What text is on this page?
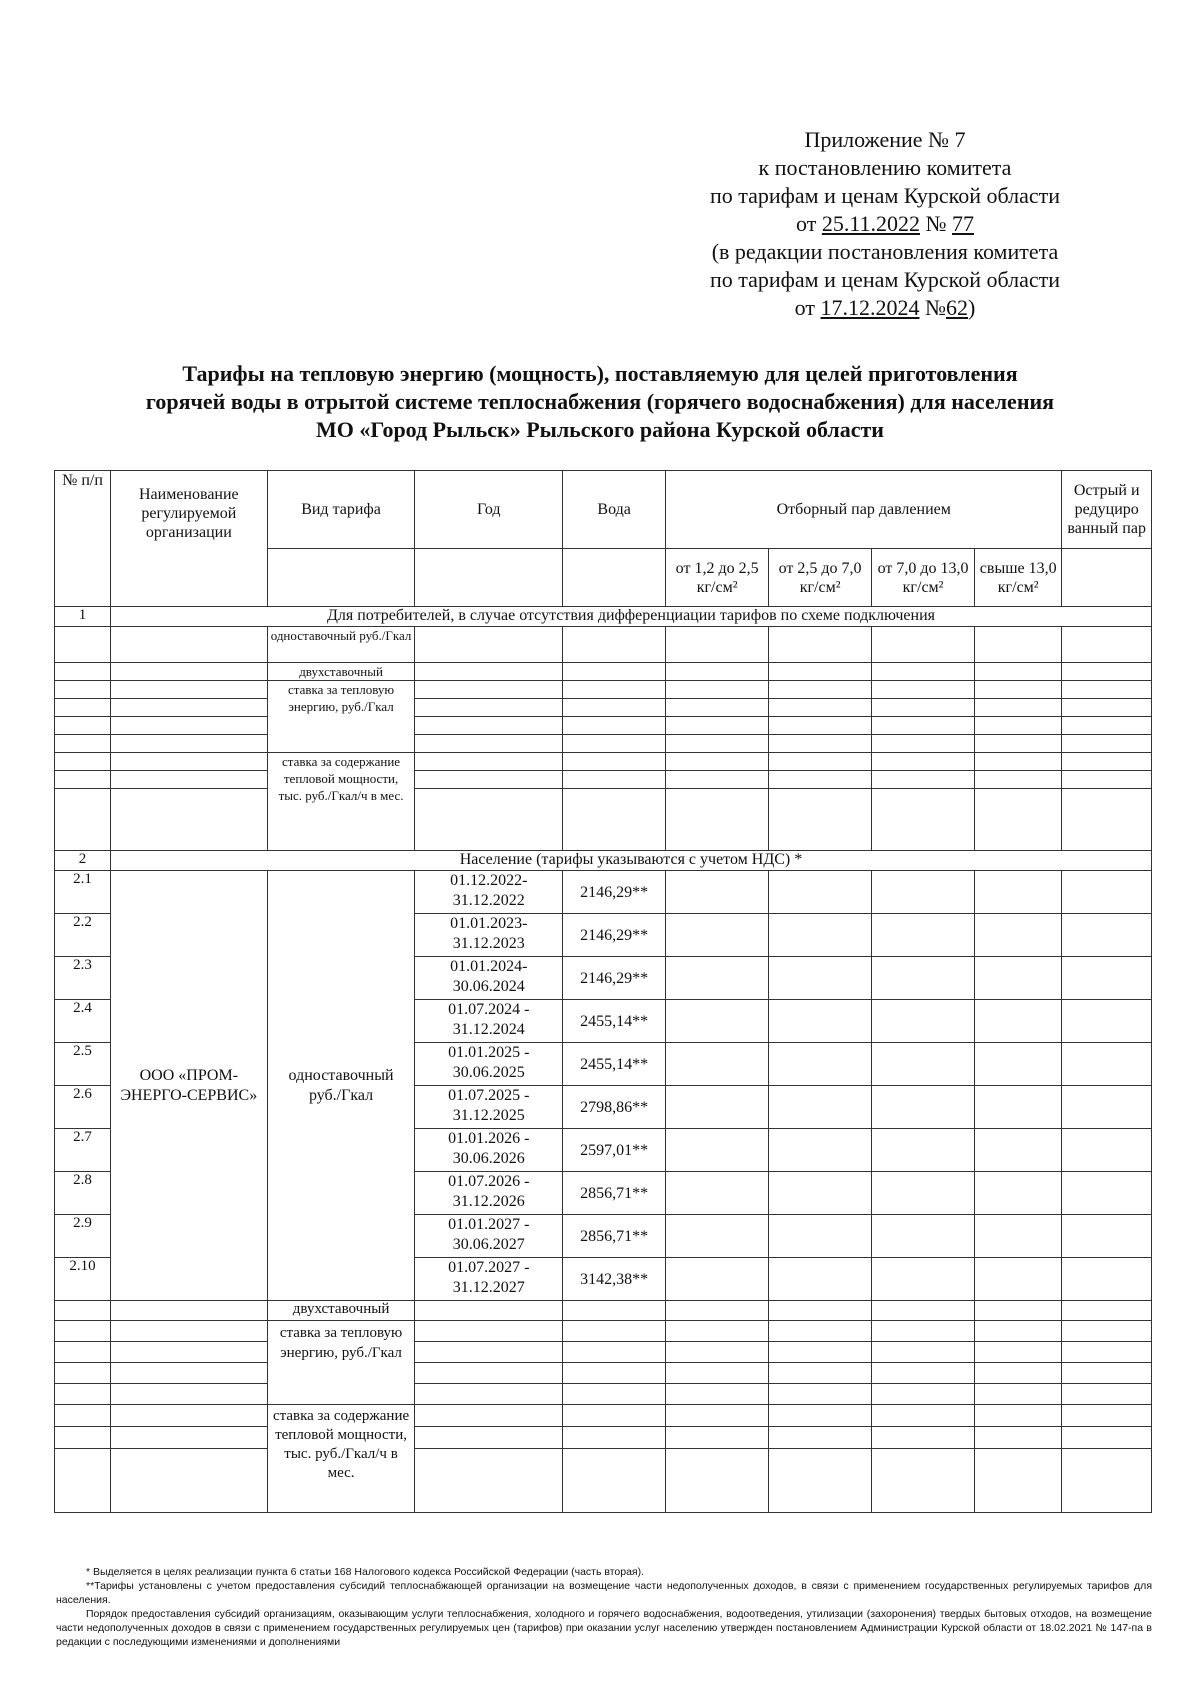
Приложение № 7
к постановлению комитета
по тарифам и ценам Курской области
от 25.11.2022 № 77
(в редакции постановления комитета
по тарифам и ценам Курской области
от 17.12.2024 №62)
Тарифы на тепловую энергию (мощность), поставляемую для целей приготовления горячей воды в отрытой системе теплоснабжения (горячего водоснабжения) для населения МО «Город Рыльск» Рыльского района Курской области
№ п/п	Наименование регулируемой организации	Вид тарифа	Год	Вода	Отборный пар давлением				Острый и редуциро ванный пар
					от 1,2 до 2,5 кг/см²	от 2,5 до 7,0 кг/см²	от 7,0 до 13,0 кг/см²	свыше 13,0 кг/см²	
1	Для потребителей, в случае отсутствия дифференциации тарифов по схеме подключения								
		одноставочный руб./Гкал							
		двухставочный							
		ставка за тепловую энергию, руб./Гкал							

		ставка за содержание тепловой мощности, тыс. руб./Гкал/ч в мес.							

2	Население (тарифы указываются с учетом НДС) *								
2.1	ООО «ПРОМ-ЭНЕРГО-СЕРВИС»	одноставочный руб./Гкал	01.12.2022-31.12.2022	2146,29**					
2.2			01.01.2023-31.12.2023	2146,29**					
2.3			01.01.2024-30.06.2024	2146,29**					
2.4			01.07.2024 - 31.12.2024	2455,14**					
2.5			01.01.2025 - 30.06.2025	2455,14**					
2.6			01.07.2025 - 31.12.2025	2798,86**					
2.7			01.01.2026 - 30.06.2026	2597,01**					
2.8			01.07.2026 - 31.12.2026	2856,71**					
2.9			01.01.2027 - 30.06.2027	2856,71**					
2.10			01.07.2027 - 31.12.2027	3142,38**					
		двухставочный							
		ставка за тепловую энергию, руб./Гкал							

		ставка за содержание тепловой мощности, тыс. руб./Гкал/ч в мес.							

* Выделяется в целях реализации пункта 6 статьи 168 Налогового кодекса Российской Федерации (часть вторая).

**Тарифы установлены с учетом предоставления субсидий теплоснабжающей организации на возмещение части недополученных доходов, в связи с применением государственных регулируемых тарифов для населения.

Порядок предоставления субсидий организациям, оказывающим услуги теплоснабжения, холодного и горячего водоснабжения, водоотведения, утилизации (захоронения) твердых бытовых отходов, на возмещение части недополученных доходов в связи с применением государственных регулируемых цен (тарифов) при оказании услуг населению утвержден постановлением Администрации Курской области от 18.02.2021 № 147-па в редакции с последующими изменениями и дополнениями
